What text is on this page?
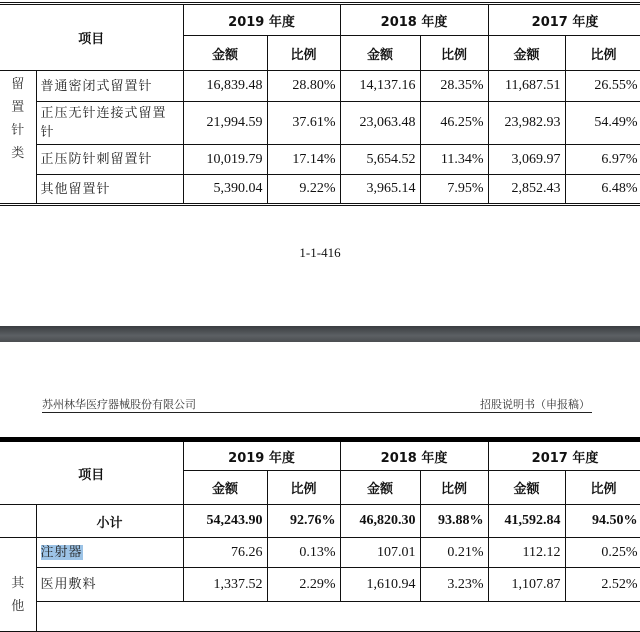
项目		2019 年度		2018 年度		2017 年度	
		金额	比例	金额	比例	金额	比例
留置针类	普通密闭式留置针	16,839.48	28.80%	14,137.16	28.35%	11,687.51	26.55%
	正压无针连接式留置针	21,994.59	37.61%	23,063.48	46.25%	23,982.93	54.49%
	正压防针刺留置针	10,019.79	17.14%	5,654.52	11.34%	3,069.97	6.97%
	其他留置针	5,390.04	9.22%	3,965.14	7.95%	2,852.43	6.48%
1-1-416
苏州林华医疗器械股份有限公司	招股说明书（申报稿）
项目		2019 年度		2018 年度		2017 年度	
		金额	比例	金额	比例	金额	比例
	小计	54,243.90	92.76%	46,820.30	93.88%	41,592.84	94.50%
其他	注射器	76.26	0.13%	107.01	0.21%	112.12	0.25%
	医用敷料	1,337.52	2.29%	1,610.94	3.23%	1,107.87	2.52%
